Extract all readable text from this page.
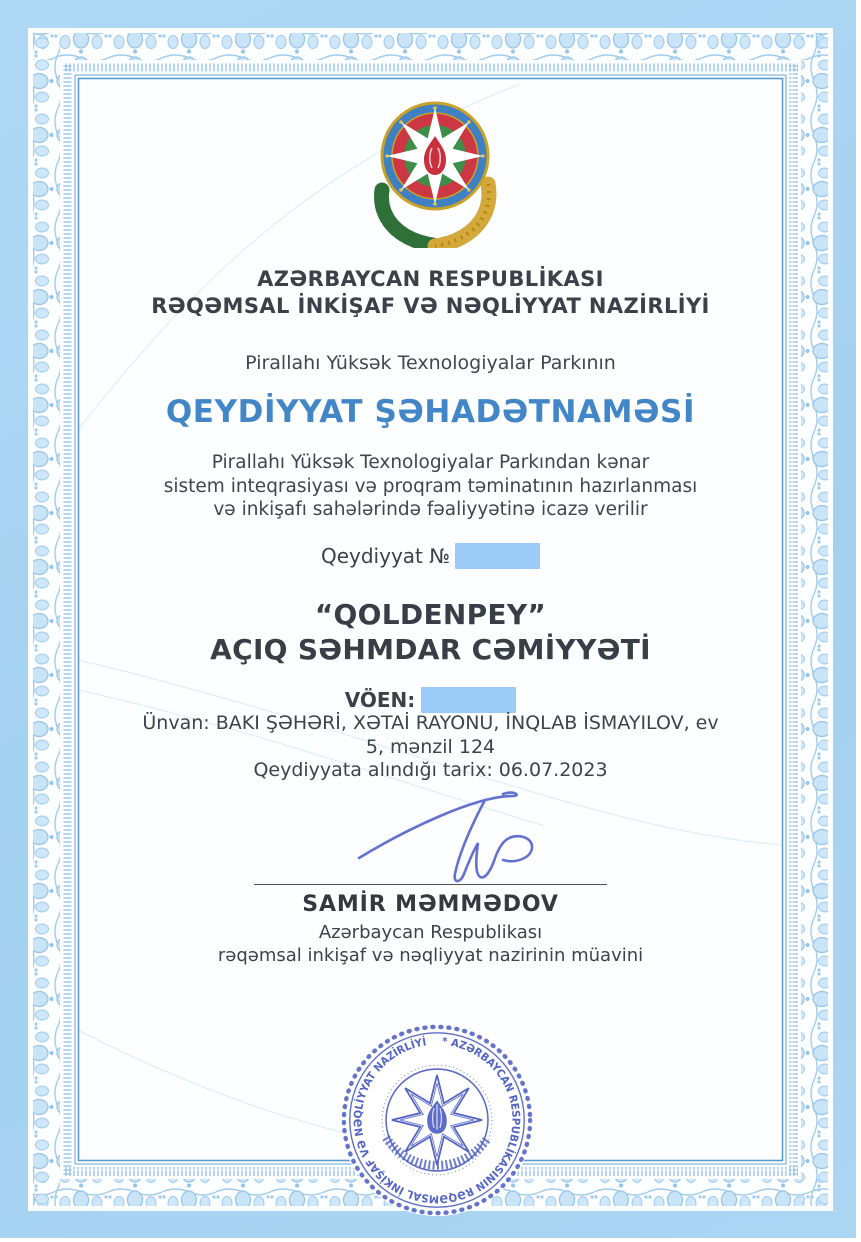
AZƏRBAYCAN RESPUBLİKASI
RƏQƏMSAL İNKİŞAF VƏ NƏQLİYYAT NAZİRLİYİ
Pirallahı Yüksək Texnologiyalar Parkının
QEYDİYYAT ŞƏHADƏTNAMƏSİ
Pirallahı Yüksək Texnologiyalar Parkından kənar
sistem inteqrasiyası və proqram təminatının hazırlanması
və inkişafı sahələrində fəaliyyətinə icazə verilir
Qeydiyyat №
“QOLDENPEY”
AÇIQ SƏHMDAR CƏMİYYƏTİ
VÖEN:
Ünvan: BAKI ŞƏHƏRİ, XƏTAİ RAYONU, İNQLAB İSMAYILOV, ev
5, mənzil 124
Qeydiyyata alındığı tarix: 06.07.2023
SAMİR MƏMMƏDOV
Azərbaycan Respublikası
rəqəmsal inkişaf və nəqliyyat nazirinin müavini
* AZƏRBAYCAN RESPUBLİKASININ RƏQƏMSAL İNKİŞAF VƏ NƏQLİYYAT NAZİRLİYİ
